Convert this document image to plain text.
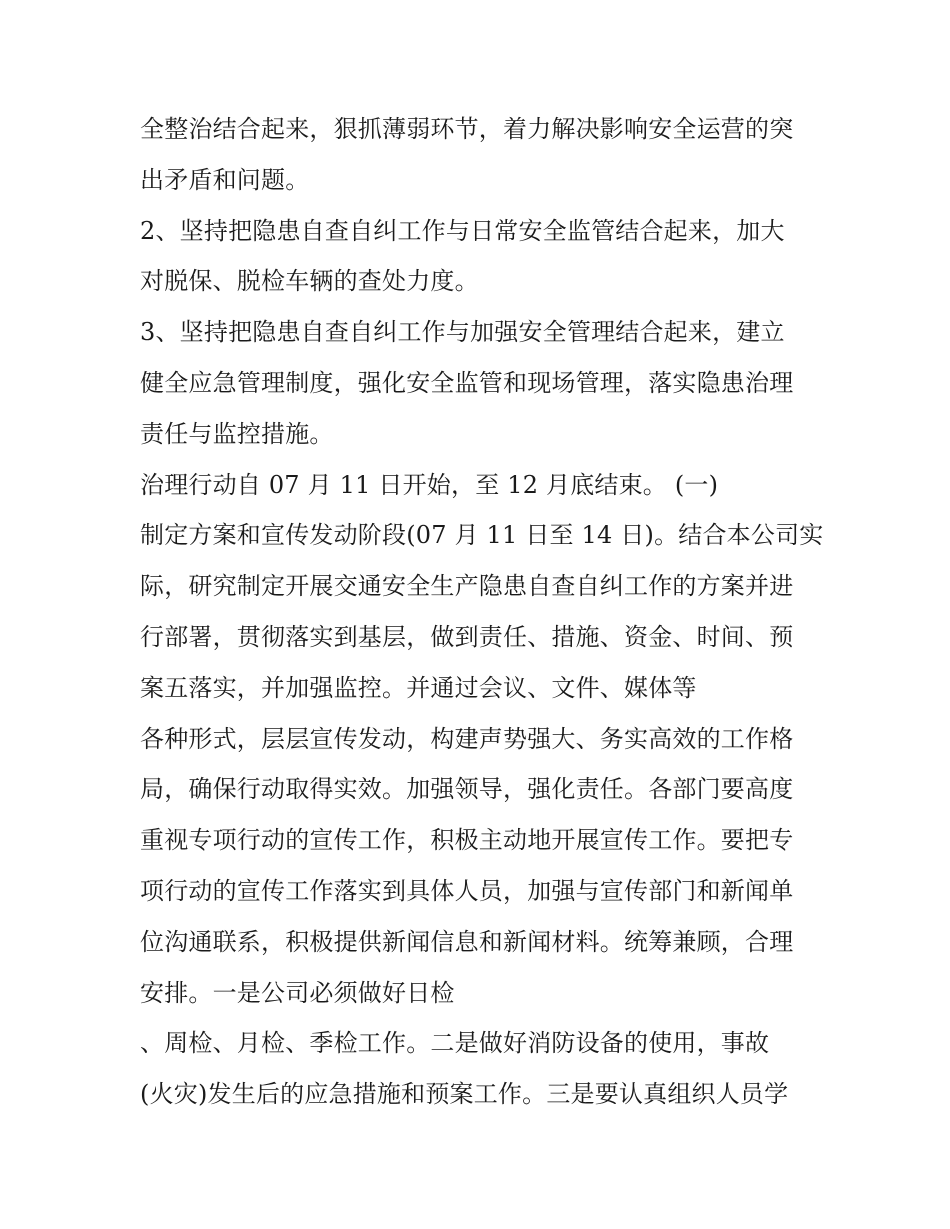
全整治结合起来，狠抓薄弱环节，着力解决影响安全运营的突
出矛盾和问题。
2、坚持把隐患自查自纠工作与日常安全监管结合起来，加大
对脱保、脱检车辆的查处力度。
3、坚持把隐患自查自纠工作与加强安全管理结合起来，建立
健全应急管理制度，强化安全监管和现场管理，落实隐患治理
责任与监控措施。
治理行动自 07 月 11 日开始，至 12 月底结束。 (一)
制定方案和宣传发动阶段(07 月 11 日至 14 日)。结合本公司实
际，研究制定开展交通安全生产隐患自查自纠工作的方案并进
行部署，贯彻落实到基层，做到责任、措施、资金、时间、预
案五落实，并加强监控。并通过会议、文件、媒体等
各种形式，层层宣传发动，构建声势强大、务实高效的工作格
局，确保行动取得实效。加强领导，强化责任。各部门要高度
重视专项行动的宣传工作，积极主动地开展宣传工作。要把专
项行动的宣传工作落实到具体人员，加强与宣传部门和新闻单
位沟通联系，积极提供新闻信息和新闻材料。统筹兼顾，合理
安排。一是公司必须做好日检
、周检、月检、季检工作。二是做好消防设备的使用，事故
(火灾)发生后的应急措施和预案工作。三是要认真组织人员学
